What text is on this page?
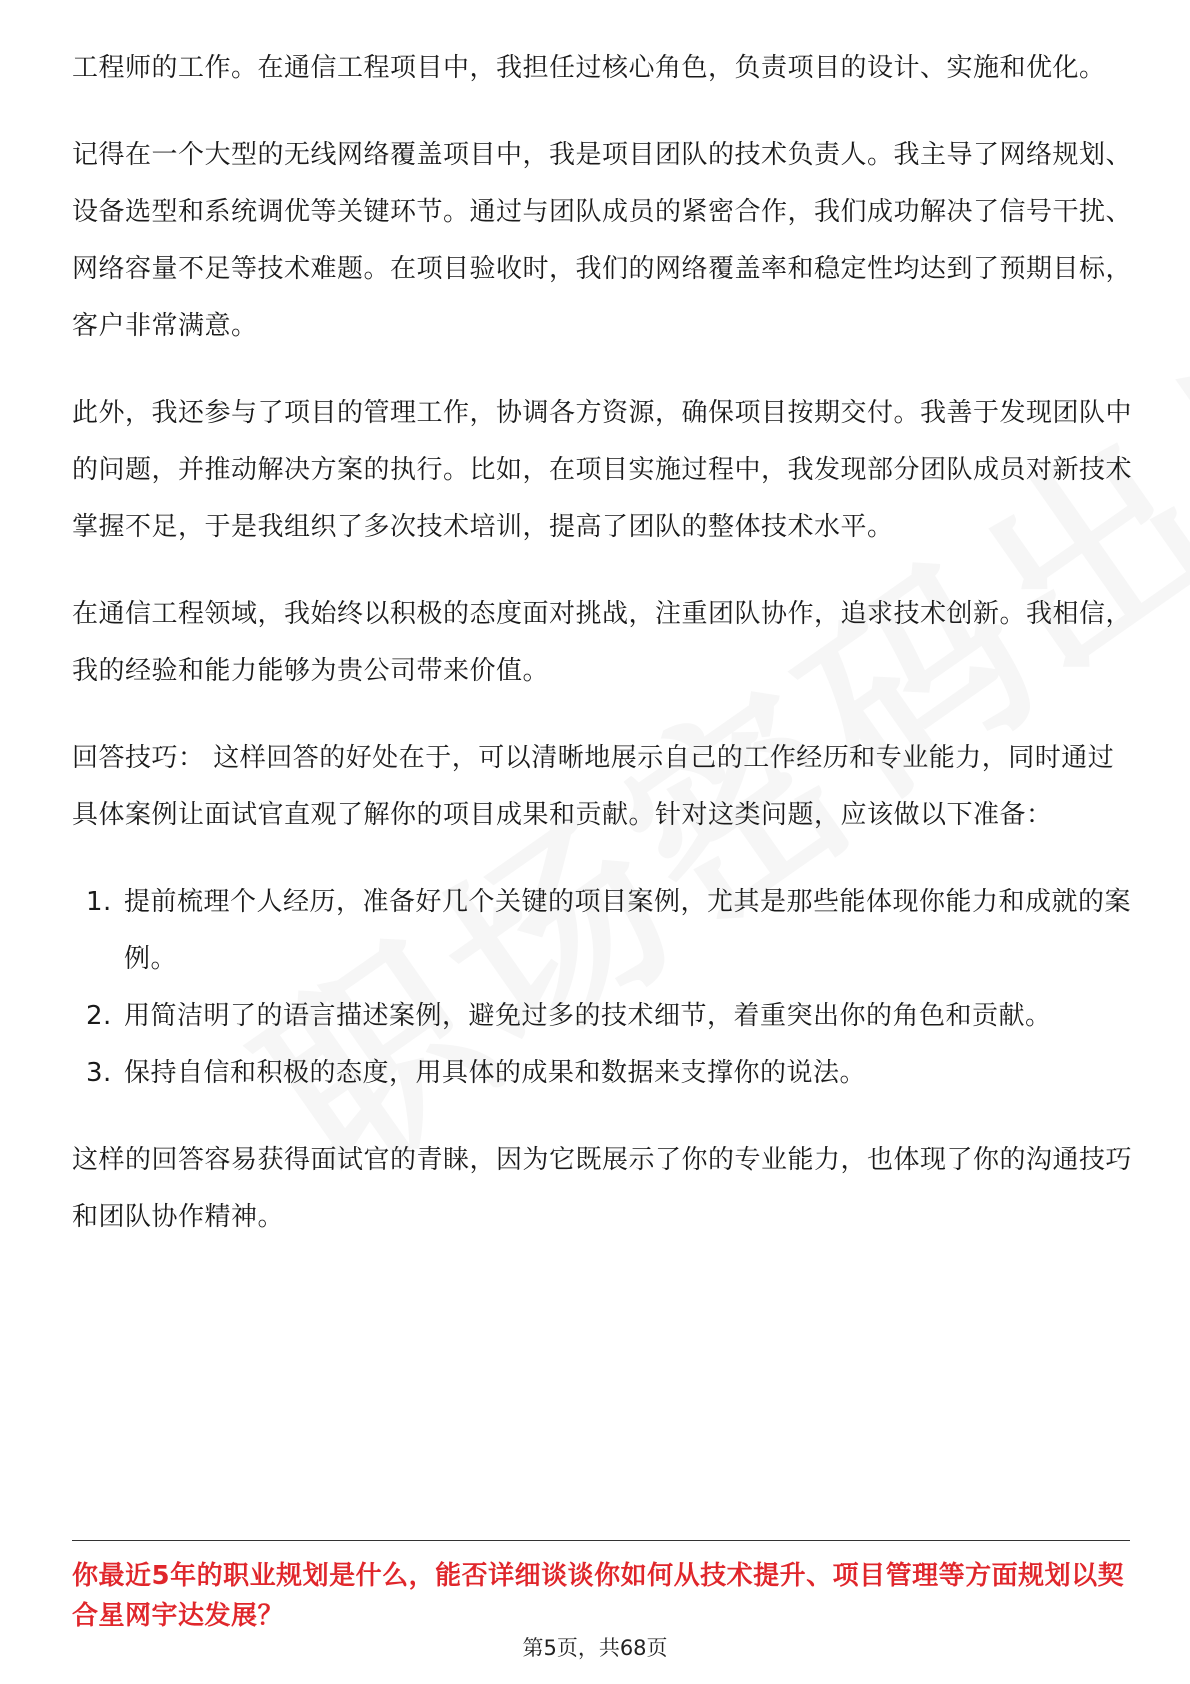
工程师的工作。在通信工程项目中，我担任过核心角色，负责项目的设计、实施和优化。

记得在一个大型的无线网络覆盖项目中，我是项目团队的技术负责人。我主导了网络规划、设备选型和系统调优等关键环节。通过与团队成员的紧密合作，我们成功解决了信号干扰、网络容量不足等技术难题。在项目验收时，我们的网络覆盖率和稳定性均达到了预期目标，客户非常满意。

此外，我还参与了项目的管理工作，协调各方资源，确保项目按期交付。我善于发现团队中的问题，并推动解决方案的执行。比如，在项目实施过程中，我发现部分团队成员对新技术掌握不足，于是我组织了多次技术培训，提高了团队的整体技术水平。

在通信工程领域，我始终以积极的态度面对挑战，注重团队协作，追求技术创新。我相信，我的经验和能力能够为贵公司带来价值。

回答技巧： 这样回答的好处在于，可以清晰地展示自己的工作经历和专业能力，同时通过具体案例让面试官直观了解你的项目成果和贡献。针对这类问题，应该做以下准备：

1. 提前梳理个人经历，准备好几个关键的项目案例，尤其是那些能体现你能力和成就的案例。
2. 用简洁明了的语言描述案例，避免过多的技术细节，着重突出你的角色和贡献。
3. 保持自信和积极的态度，用具体的成果和数据来支撑你的说法。

这样的回答容易获得面试官的青睐，因为它既展示了你的专业能力，也体现了你的沟通技巧和团队协作精神。

你最近5年的职业规划是什么，能否详细谈谈你如何从技术提升、项目管理等方面规划以契合星网宇达发展？
第5页，共68页
